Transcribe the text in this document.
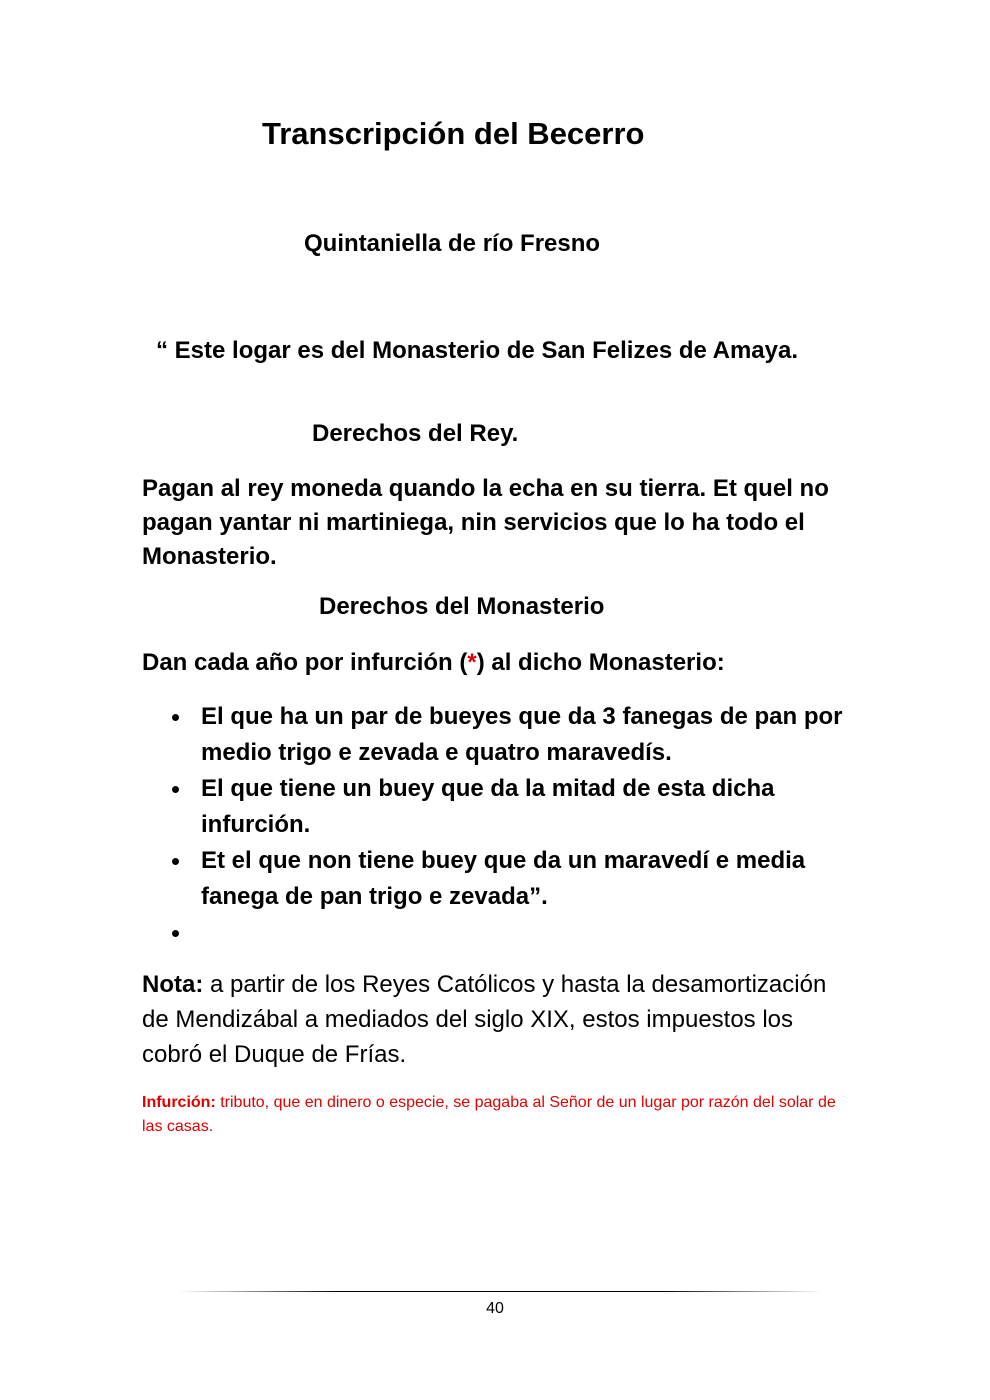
Transcripción del Becerro
Quintaniella de río Fresno

“ Este logar es del Monasterio de San Felizes de Amaya.

Derechos del Rey.

Pagan al rey moneda quando la echa en su tierra. Et quel no pagan yantar ni martiniega, nin servicios que lo ha todo el Monasterio.

Derechos del Monasterio

Dan cada año por infurción (*) al dicho Monasterio:

El que ha un par de bueyes que da 3 fanegas de pan por medio trigo e zevada e quatro maravedís.
El que tiene un buey que da la mitad de esta dicha infurción.
Et el que non tiene buey que da un maravedí e media fanega de pan trigo e zevada”.

Nota: a partir de los Reyes Católicos y hasta la desamortización de Mendizábal a mediados del siglo XIX, estos impuestos los cobró el Duque de Frías.

Infurción: tributo, que en dinero o especie, se pagaba al Señor de un lugar por razón del solar de las casas.

40
